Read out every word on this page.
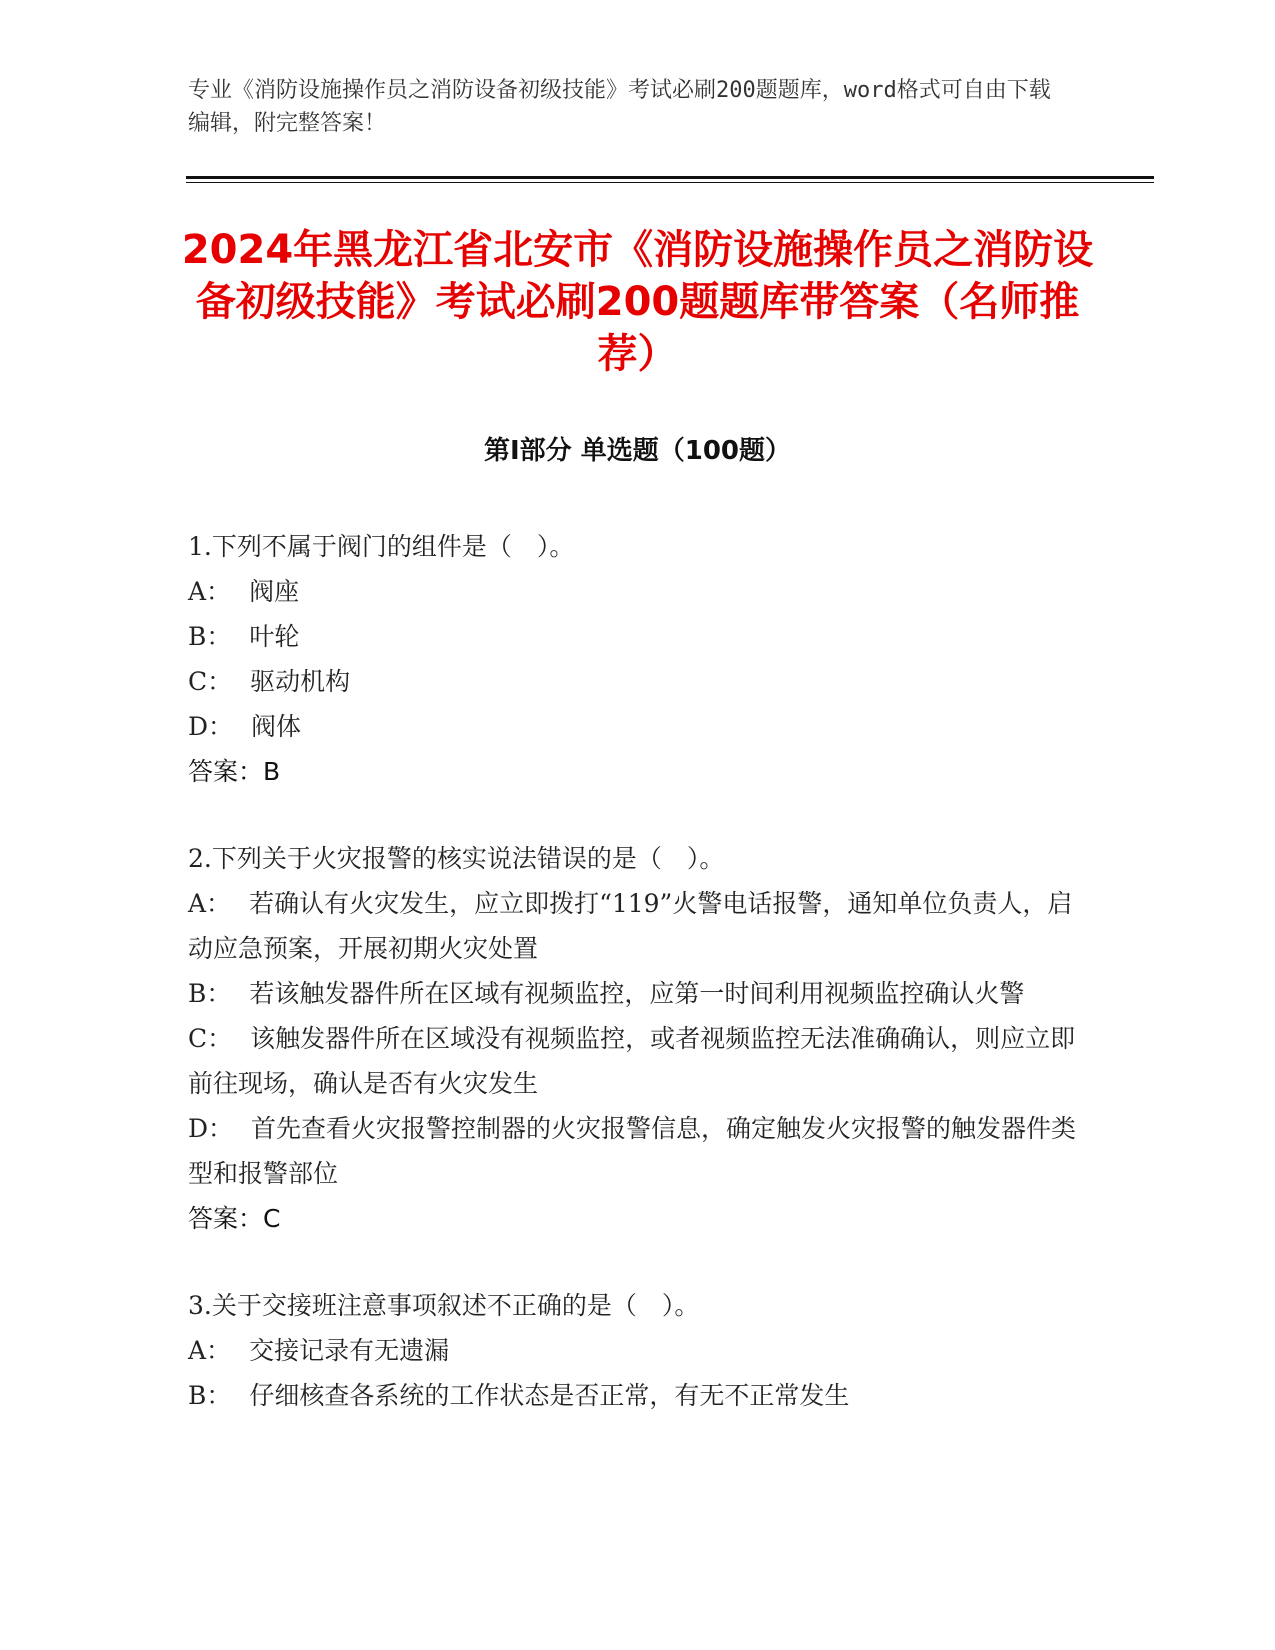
专业《消防设施操作员之消防设备初级技能》考试必刷200题题库，word格式可自由下载编辑，附完整答案！
2024年黑龙江省北安市《消防设施操作员之消防设备初级技能》考试必刷200题题库带答案（名师推荐）
第I部分 单选题（100题）

1.下列不属于阀门的组件是（　）。

A： 阀座

B： 叶轮

C： 驱动机构

D： 阀体

答案：B

2.下列关于火灾报警的核实说法错误的是（　）。

A： 若确认有火灾发生，应立即拨打“119”火警电话报警，通知单位负责人，启动应急预案，开展初期火灾处置

B： 若该触发器件所在区域有视频监控，应第一时间利用视频监控确认火警

C： 该触发器件所在区域没有视频监控，或者视频监控无法准确确认，则应立即前往现场，确认是否有火灾发生

D： 首先查看火灾报警控制器的火灾报警信息，确定触发火灾报警的触发器件类型和报警部位

答案：C

3.关于交接班注意事项叙述不正确的是（　）。

A： 交接记录有无遗漏

B： 仔细核查各系统的工作状态是否正常，有无不正常发生
